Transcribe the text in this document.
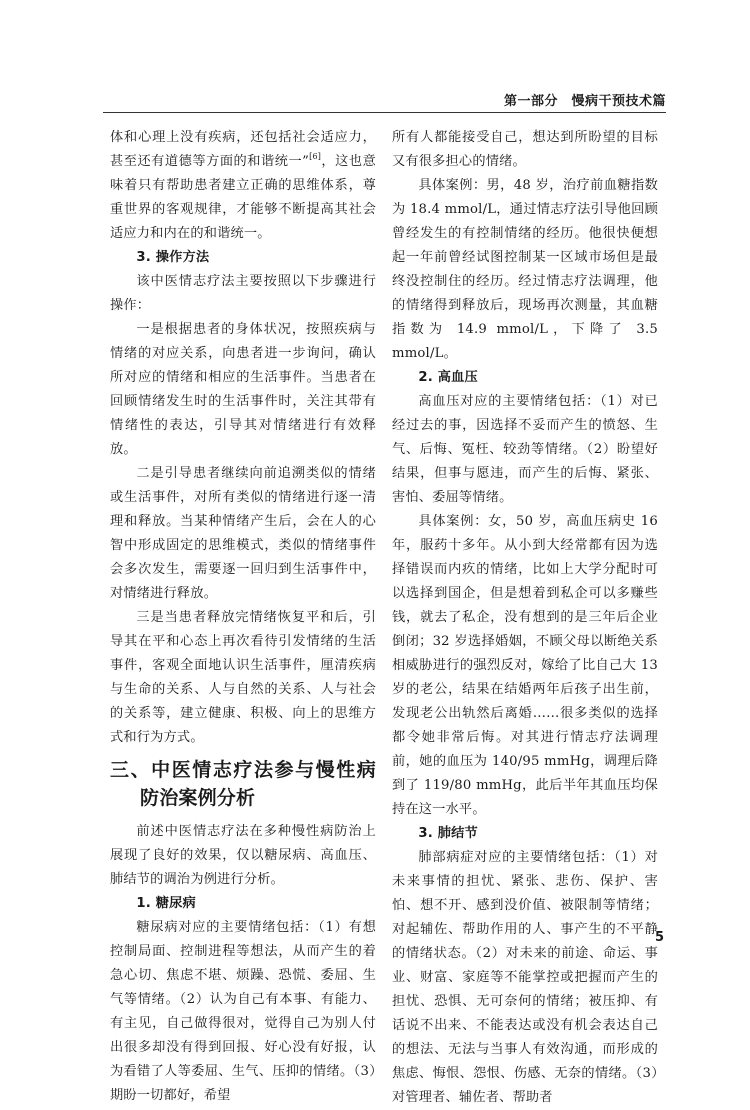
第一部分　慢病干预技术篇

体和心理上没有疾病，还包括社会适应力，甚至还有道德等方面的和谐统一”[6]，这也意味着只有帮助患者建立正确的思维体系，尊重世界的客观规律，才能够不断提高其社会适应力和内在的和谐统一。

3. 操作方法

该中医情志疗法主要按照以下步骤进行操作：

一是根据患者的身体状况，按照疾病与情绪的对应关系，向患者进一步询问，确认所对应的情绪和相应的生活事件。当患者在回顾情绪发生时的生活事件时，关注其带有情绪性的表达，引导其对情绪进行有效释放。

二是引导患者继续向前追溯类似的情绪或生活事件，对所有类似的情绪进行逐一清理和释放。当某种情绪产生后，会在人的心智中形成固定的思维模式，类似的情绪事件会多次发生，需要逐一回归到生活事件中，对情绪进行释放。

三是当患者释放完情绪恢复平和后，引导其在平和心态上再次看待引发情绪的生活事件，客观全面地认识生活事件，厘清疾病与生命的关系、人与自然的关系、人与社会的关系等，建立健康、积极、向上的思维方式和行为方式。

三、中医情志疗法参与慢性病防治案例分析

前述中医情志疗法在多种慢性病防治上展现了良好的效果，仅以糖尿病、高血压、肺结节的调治为例进行分析。

1. 糖尿病

糖尿病对应的主要情绪包括：（1）有想控制局面、控制进程等想法，从而产生的着急心切、焦虑不堪、烦躁、恐慌、委屈、生气等情绪。（2）认为自己有本事、有能力、有主见，自己做得很对，觉得自己为别人付出很多却没有得到回报、好心没有好报，认为看错了人等委屈、生气、压抑的情绪。（3）期盼一切都好，希望

所有人都能接受自己，想达到所盼望的目标又有很多担心的情绪。

具体案例：男，48 岁，治疗前血糖指数为 18.4 mmol/L，通过情志疗法引导他回顾曾经发生的有控制情绪的经历。他很快便想起一年前曾经试图控制某一区域市场但是最终没控制住的经历。经过情志疗法调理，他的情绪得到释放后，现场再次测量，其血糖指数为 14.9 mmol/L，下降了 3.5 mmol/L。

2. 高血压

高血压对应的主要情绪包括：（1）对已经过去的事，因选择不妥而产生的愤怒、生气、后悔、冤枉、较劲等情绪。（2）盼望好结果，但事与愿违，而产生的后悔、紧张、害怕、委屈等情绪。

具体案例：女，50 岁，高血压病史 16 年，服药十多年。从小到大经常都有因为选择错误而内疚的情绪，比如上大学分配时可以选择到国企，但是想着到私企可以多赚些钱，就去了私企，没有想到的是三年后企业倒闭；32 岁选择婚姻，不顾父母以断绝关系相威胁进行的强烈反对，嫁给了比自己大 13 岁的老公，结果在结婚两年后孩子出生前，发现老公出轨然后离婚……很多类似的选择都令她非常后悔。对其进行情志疗法调理前，她的血压为 140/95 mmHg，调理后降到了 119/80 mmHg，此后半年其血压均保持在这一水平。

3. 肺结节

肺部病症对应的主要情绪包括：（1）对未来事情的担忧、紧张、悲伤、保护、害怕、想不开、感到没价值、被限制等情绪；对起辅佐、帮助作用的人、事产生的不平静的情绪状态。（2）对未来的前途、命运、事业、财富、家庭等不能掌控或把握而产生的担忧、恐惧、无可奈何的情绪；被压抑、有话说不出来、不能表达或没有机会表达自己的想法、无法与当事人有效沟通，而形成的焦虑、悔恨、怨恨、伤感、无奈的情绪。（3）对管理者、辅佐者、帮助者

5
